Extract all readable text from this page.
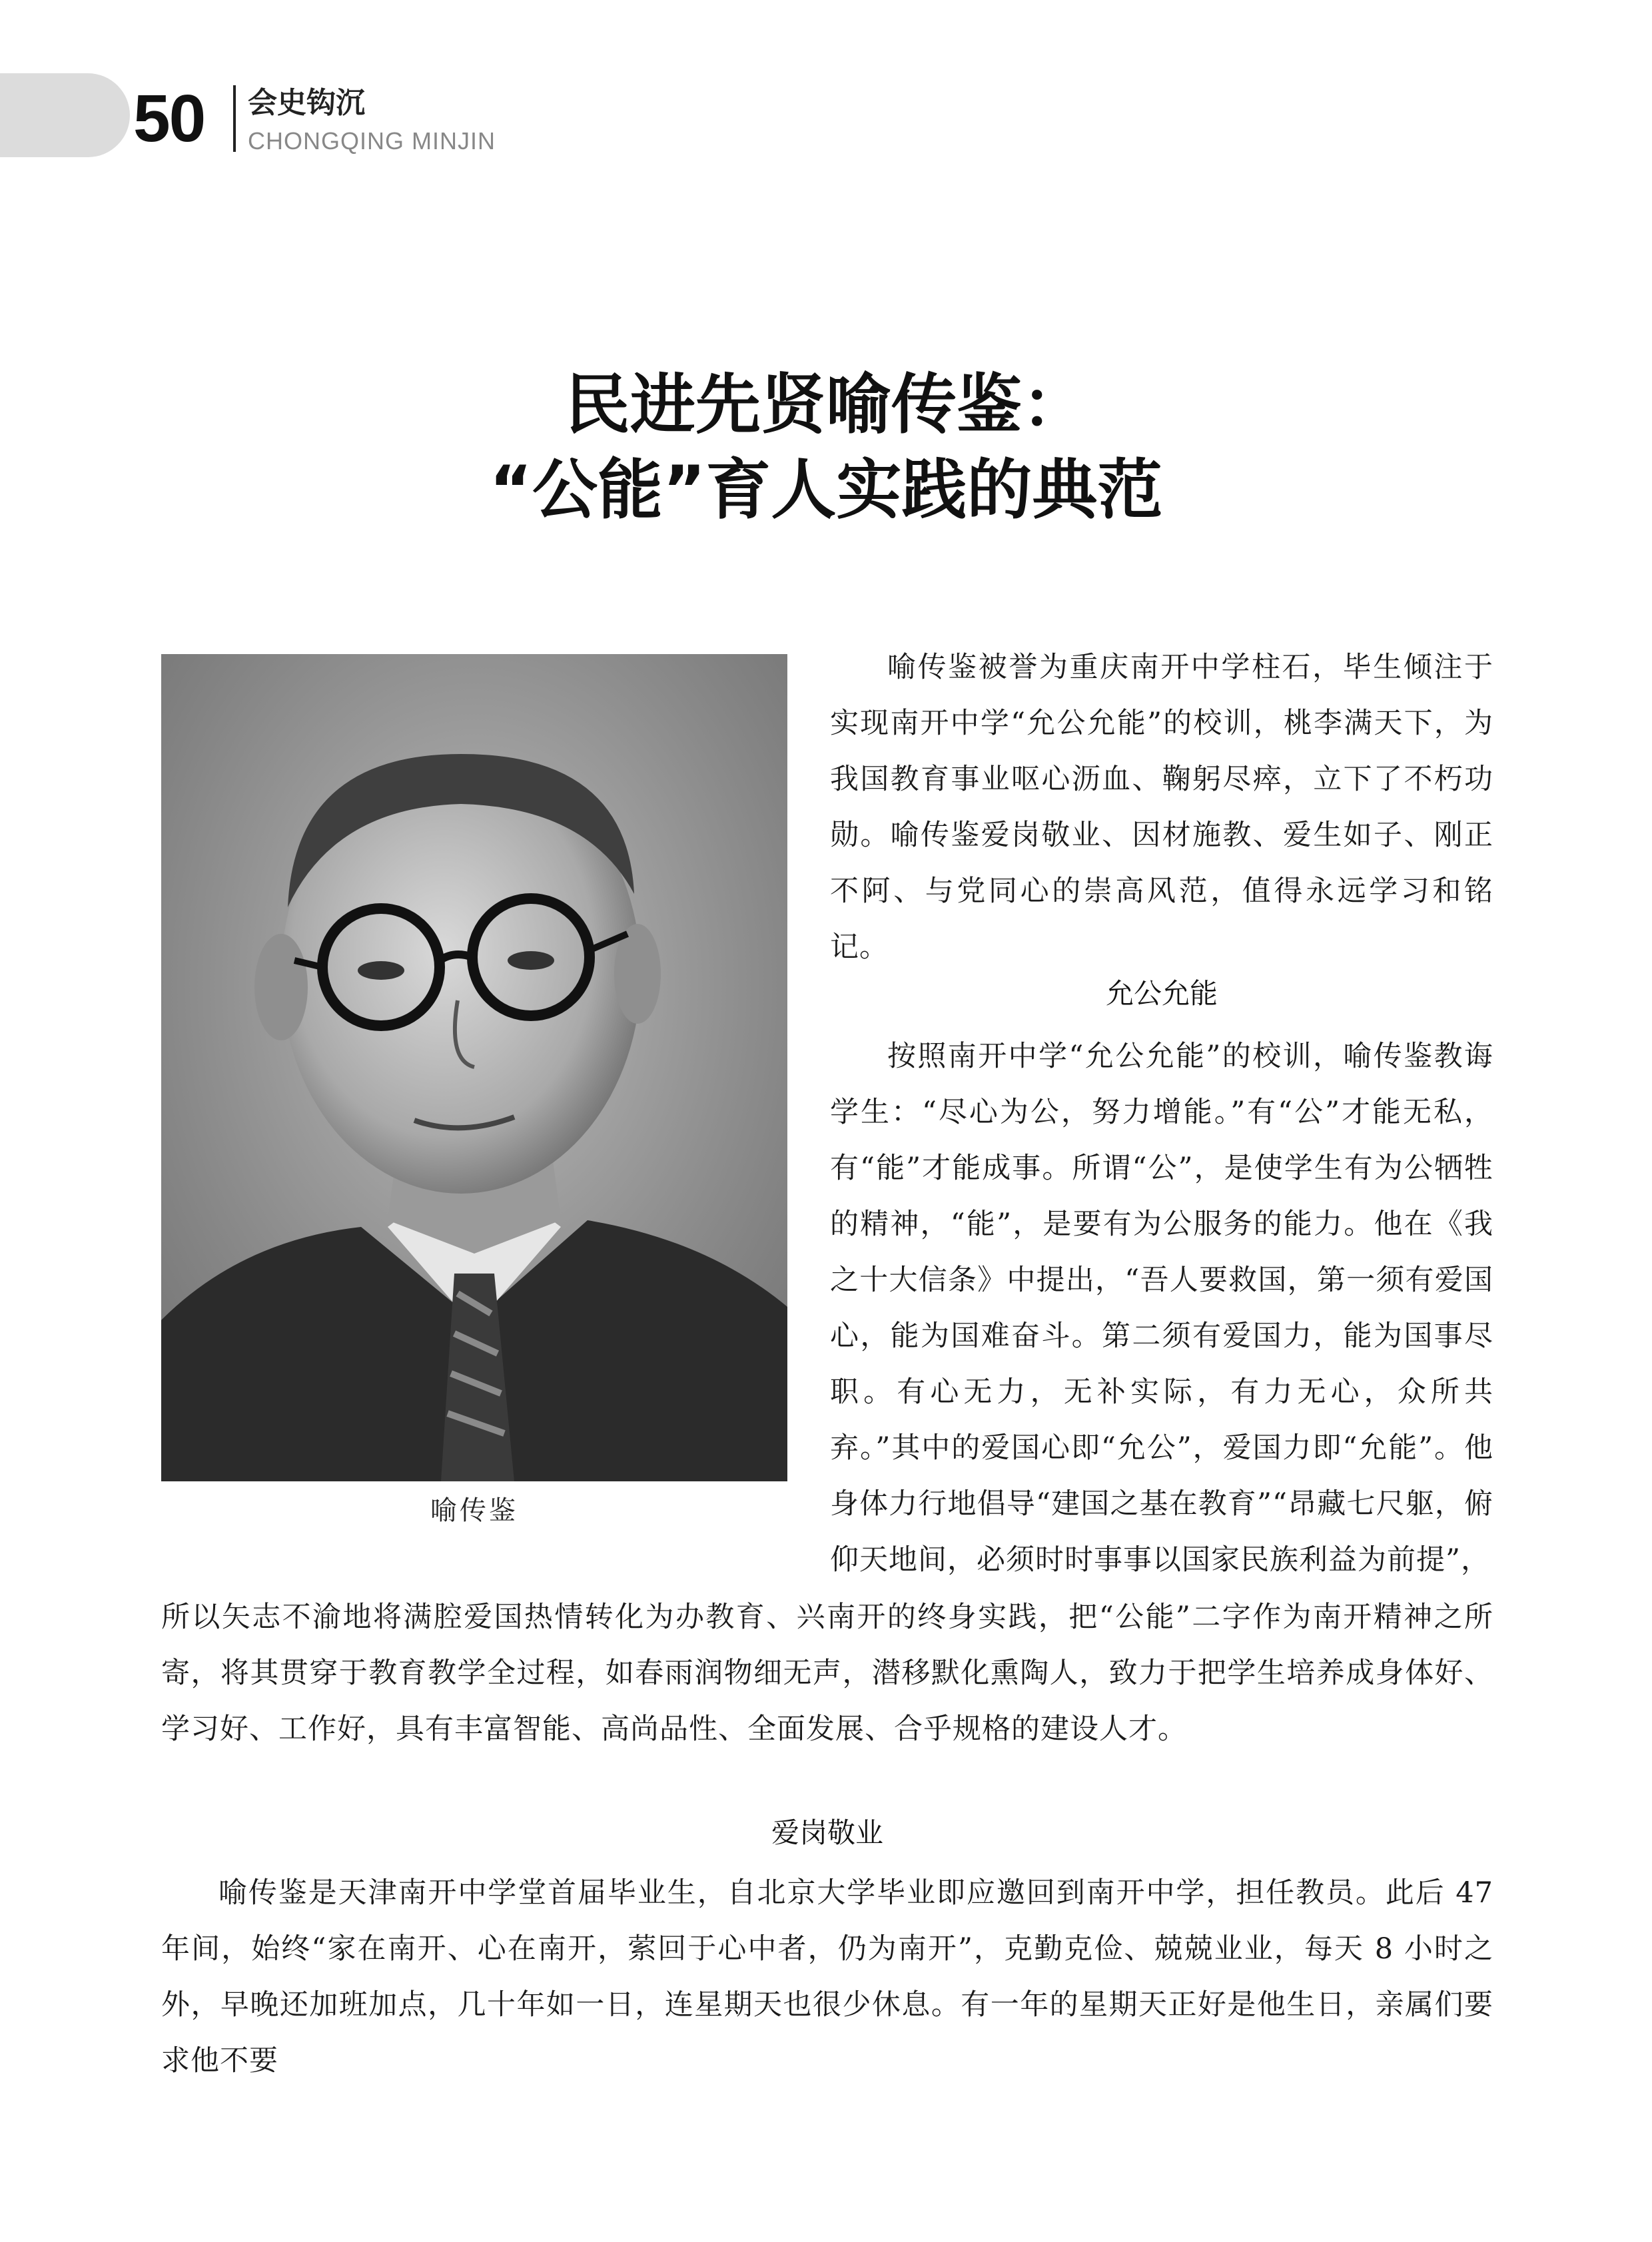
50 会史钩沉
CHONGQING MINJIN
民进先贤喻传鉴：
“公能”育人实践的典范
喻传鉴

喻传鉴被誉为重庆南开中学柱石，毕生倾注于实现南开中学“允公允能”的校训，桃李满天下，为我国教育事业呕心沥血、鞠躬尽瘁，立下了不朽功勋。喻传鉴爱岗敬业、因材施教、爱生如子、刚正不阿、与党同心的崇高风范，值得永远学习和铭记。

允公允能

按照南开中学“允公允能”的校训，喻传鉴教诲学生：“尽心为公，努力增能。”有“公”才能无私，有“能”才能成事。所谓“公”，是使学生有为公牺牲的精神，“能”，是要有为公服务的能力。他在《我之十大信条》中提出，“吾人要救国，第一须有爱国心，能为国难奋斗。第二须有爱国力，能为国事尽职。有心无力，无补实际，有力无心，众所共弃。”其中的爱国心即“允公”，爱国力即“允能”。他身体力行地倡导“建国之基在教育”“昂藏七尺躯，俯仰天地间，必须时时事事以国家民族利益为前提”，

所以矢志不渝地将满腔爱国热情转化为办教育、兴南开的终身实践，把“公能”二字作为南开精神之所寄，将其贯穿于教育教学全过程，如春雨润物细无声，潜移默化熏陶人，致力于把学生培养成身体好、学习好、工作好，具有丰富智能、高尚品性、全面发展、合乎规格的建设人才。

爱岗敬业

喻传鉴是天津南开中学堂首届毕业生，自北京大学毕业即应邀回到南开中学，担任教员。此后 47 年间，始终“家在南开、心在南开，萦回于心中者，仍为南开”，克勤克俭、兢兢业业，每天 8 小时之外，早晚还加班加点，几十年如一日，连星期天也很少休息。有一年的星期天正好是他生日，亲属们要求他不要
